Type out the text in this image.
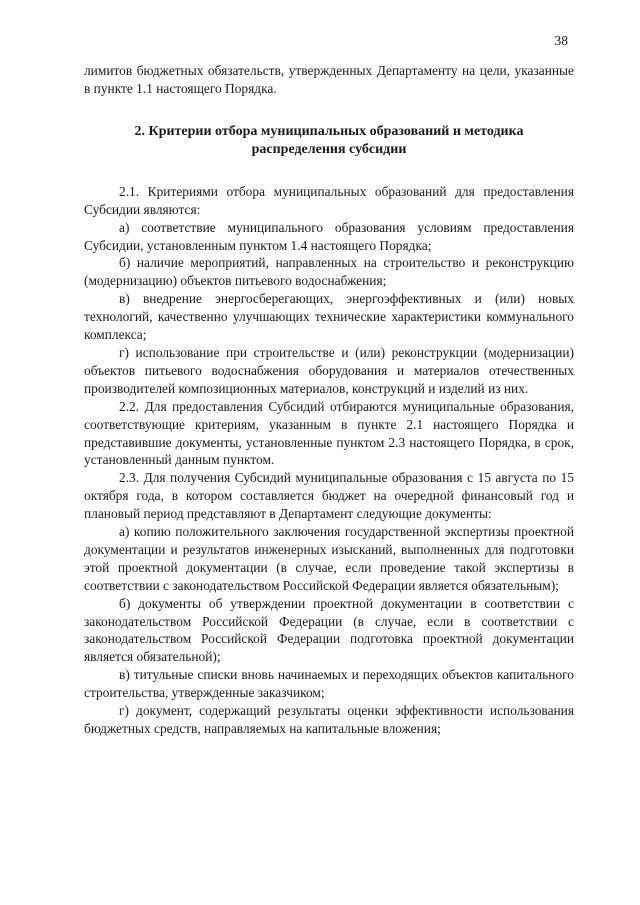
38

лимитов бюджетных обязательств, утвержденных Департаменту на цели, указанные в пункте 1.1 настоящего Порядка.

2. Критерии отбора муниципальных образований и методика
распределения субсидии

2.1. Критериями отбора муниципальных образований для предоставления Субсидии являются:

а) соответствие муниципального образования условиям предоставления Субсидии, установленным пунктом 1.4 настоящего Порядка;

б) наличие мероприятий, направленных на строительство и реконструкцию (модернизацию) объектов питьевого водоснабжения;

в) внедрение энергосберегающих, энергоэффективных и (или) новых технологий, качественно улучшающих технические характеристики коммунального комплекса;

г) использование при строительстве и (или) реконструкции (модернизации) объектов питьевого водоснабжения оборудования и материалов отечественных производителей композиционных материалов, конструкций и изделий из них.

2.2. Для предоставления Субсидий отбираются муниципальные образования, соответствующие критериям, указанным в пункте 2.1 настоящего Порядка и представившие документы, установленные пунктом 2.3 настоящего Порядка, в срок, установленный данным пунктом.

2.3. Для получения Субсидий муниципальные образования с 15 августа по 15 октября года, в котором составляется бюджет на очередной финансовый год и плановый период представляют в Департамент следующие документы:

а) копию положительного заключения государственной экспертизы проектной документации и результатов инженерных изысканий, выполненных для подготовки этой проектной документации (в случае, если проведение такой экспертизы в соответствии с законодательством Российской Федерации является обязательным);

б) документы об утверждении проектной документации в соответствии с законодательством Российской Федерации (в случае, если в соответствии с законодательством Российской Федерации подготовка проектной документации является обязательной);

в) титульные списки вновь начинаемых и переходящих объектов капитального строительства, утвержденные заказчиком;

г) документ, содержащий результаты оценки эффективности использования бюджетных средств, направляемых на капитальные вложения;
